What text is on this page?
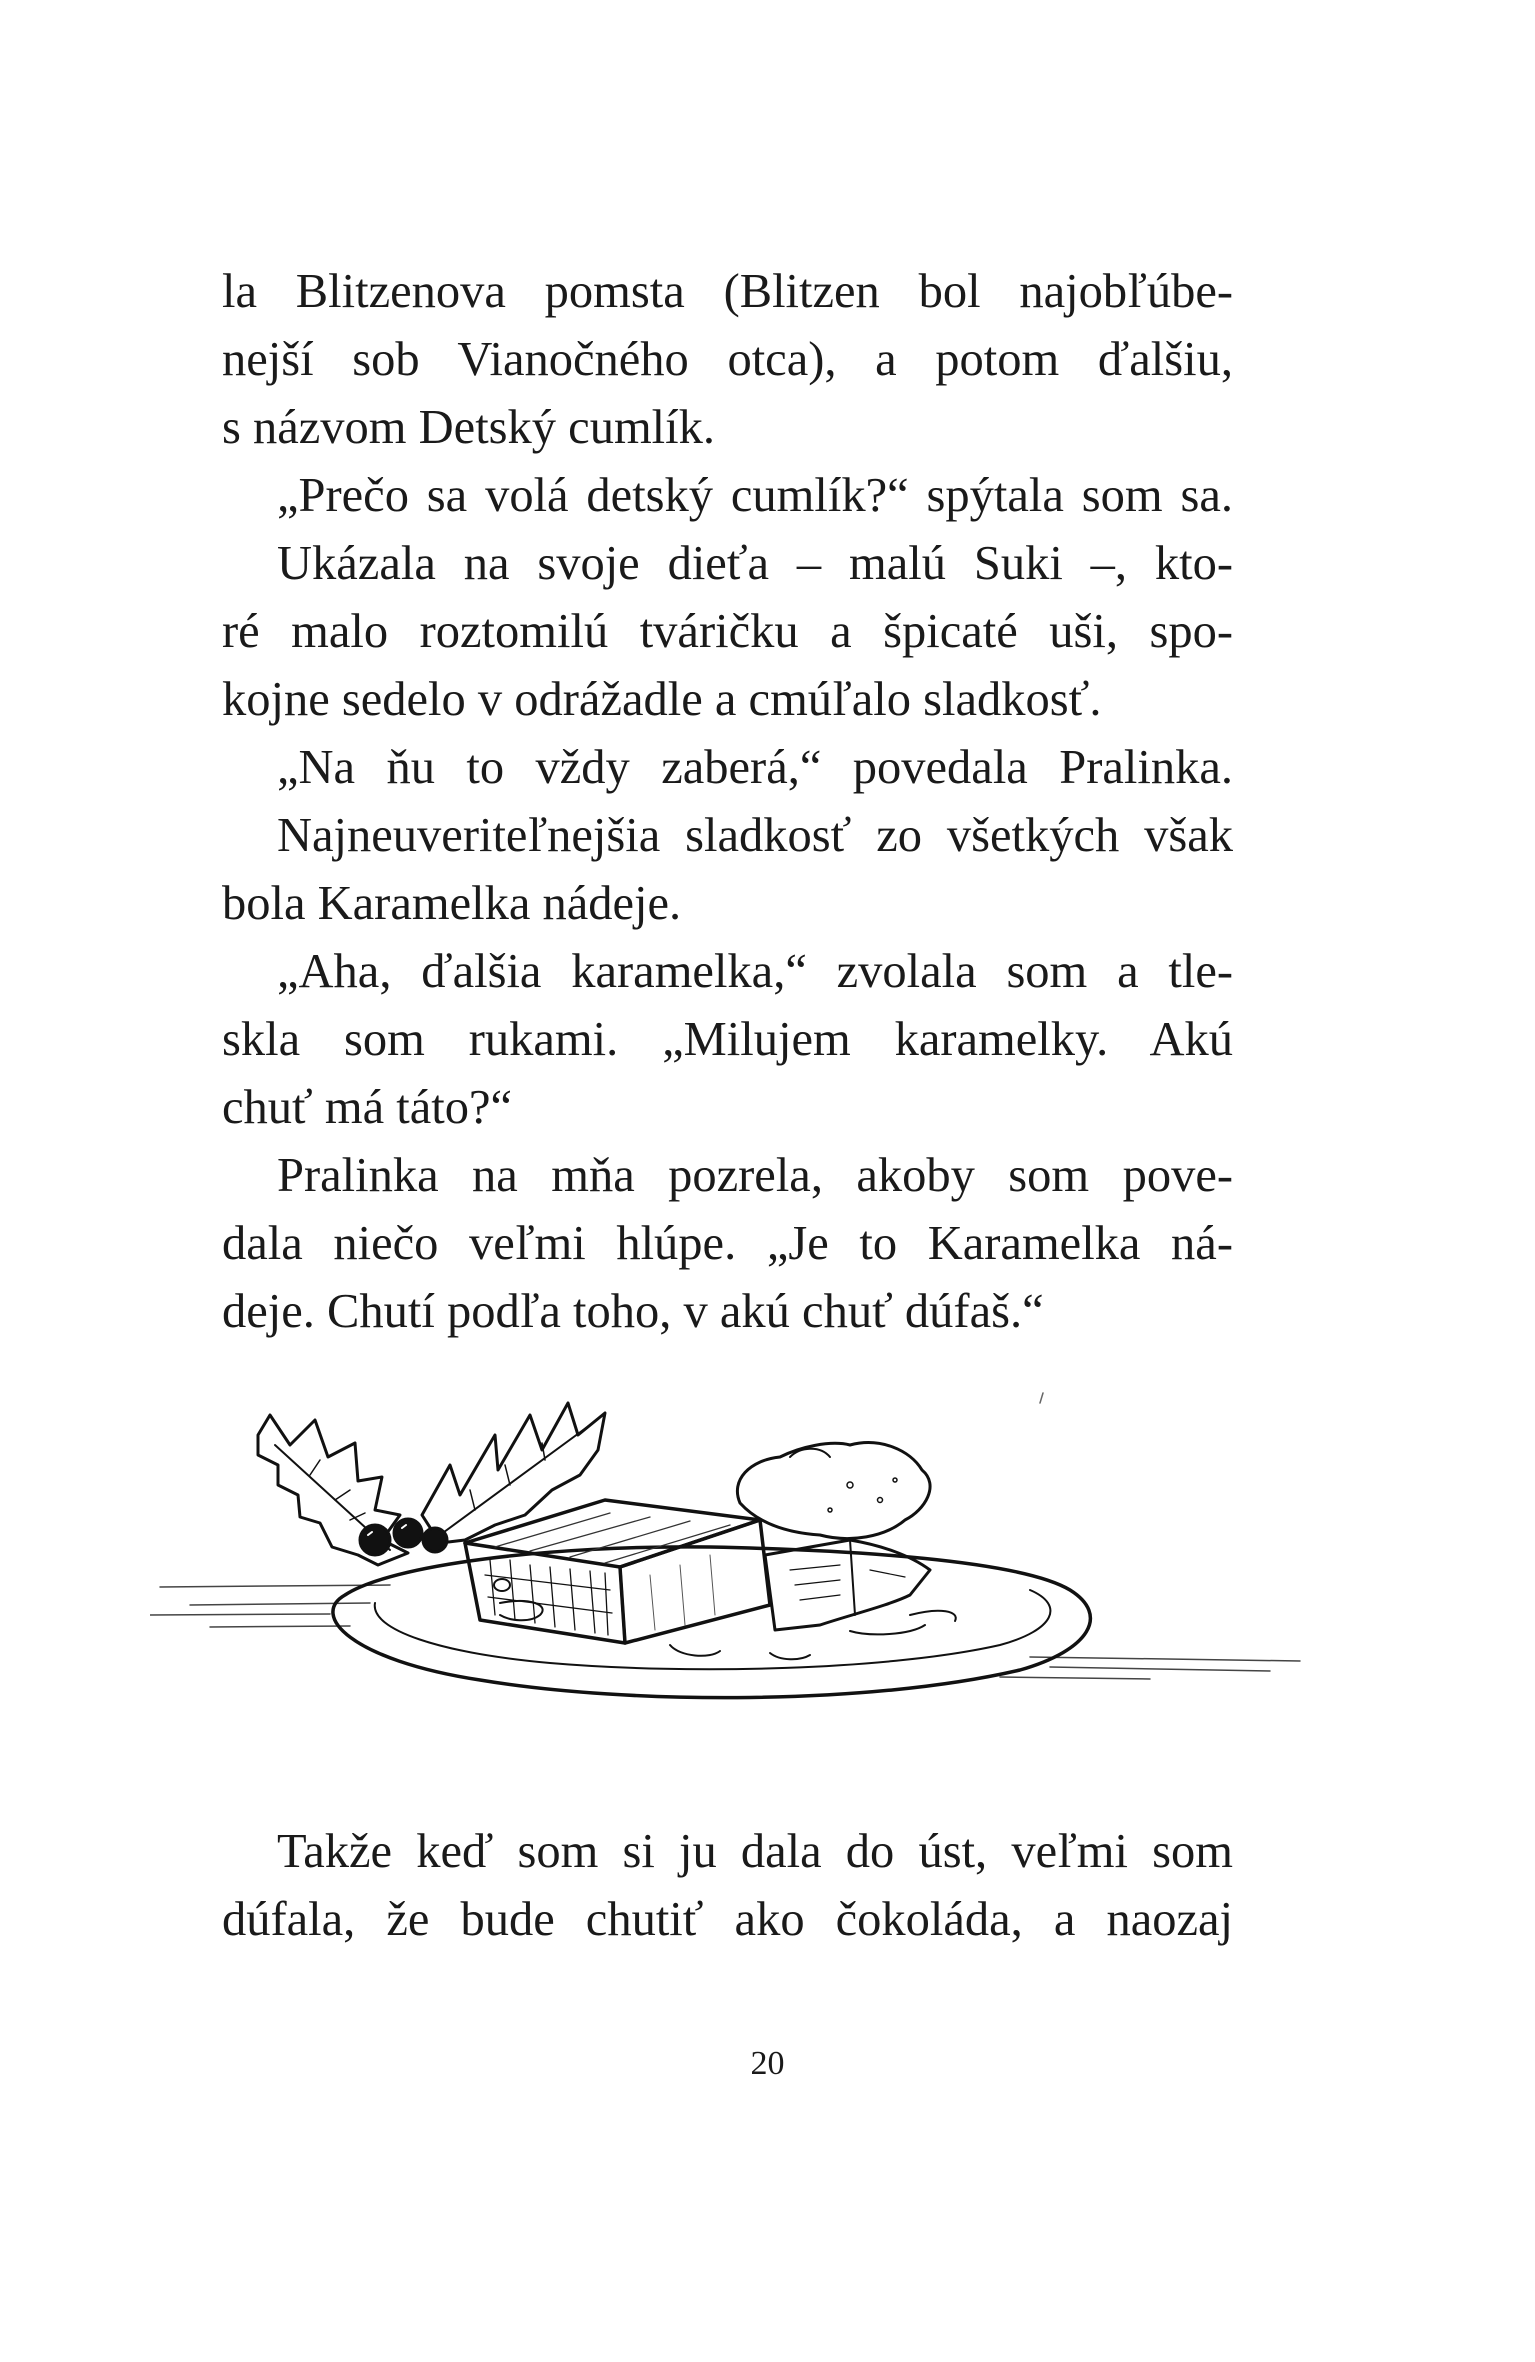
la Blitzenova pomsta (Blitzen bol najobľúbe-
nejší sob Vianočného otca), a potom ďalšiu,
s názvom Detský cumlík.
„Prečo sa volá detský cumlík?“ spýtala som sa.
Ukázala na svoje dieťa – malú Suki –, kto-
ré malo roztomilú tváričku a špicaté uši, spo-
kojne sedelo v odrážadle a cmúľalo sladkosť.
„Na ňu to vždy zaberá,“ povedala Pralinka.
Najneuveriteľnejšia sladkosť zo všetkých však
bola Karamelka nádeje.
„Aha, ďalšia karamelka,“ zvolala som a tle-
skla som rukami. „Milujem karamelky. Akú
chuť má táto?“
Pralinka na mňa pozrela, akoby som pove-
dala niečo veľmi hlúpe. „Je to Karamelka ná-
deje. Chutí podľa toho, v akú chuť dúfaš.“
Takže keď som si ju dala do úst, veľmi som
dúfala, že bude chutiť ako čokoláda, a naozaj
20
